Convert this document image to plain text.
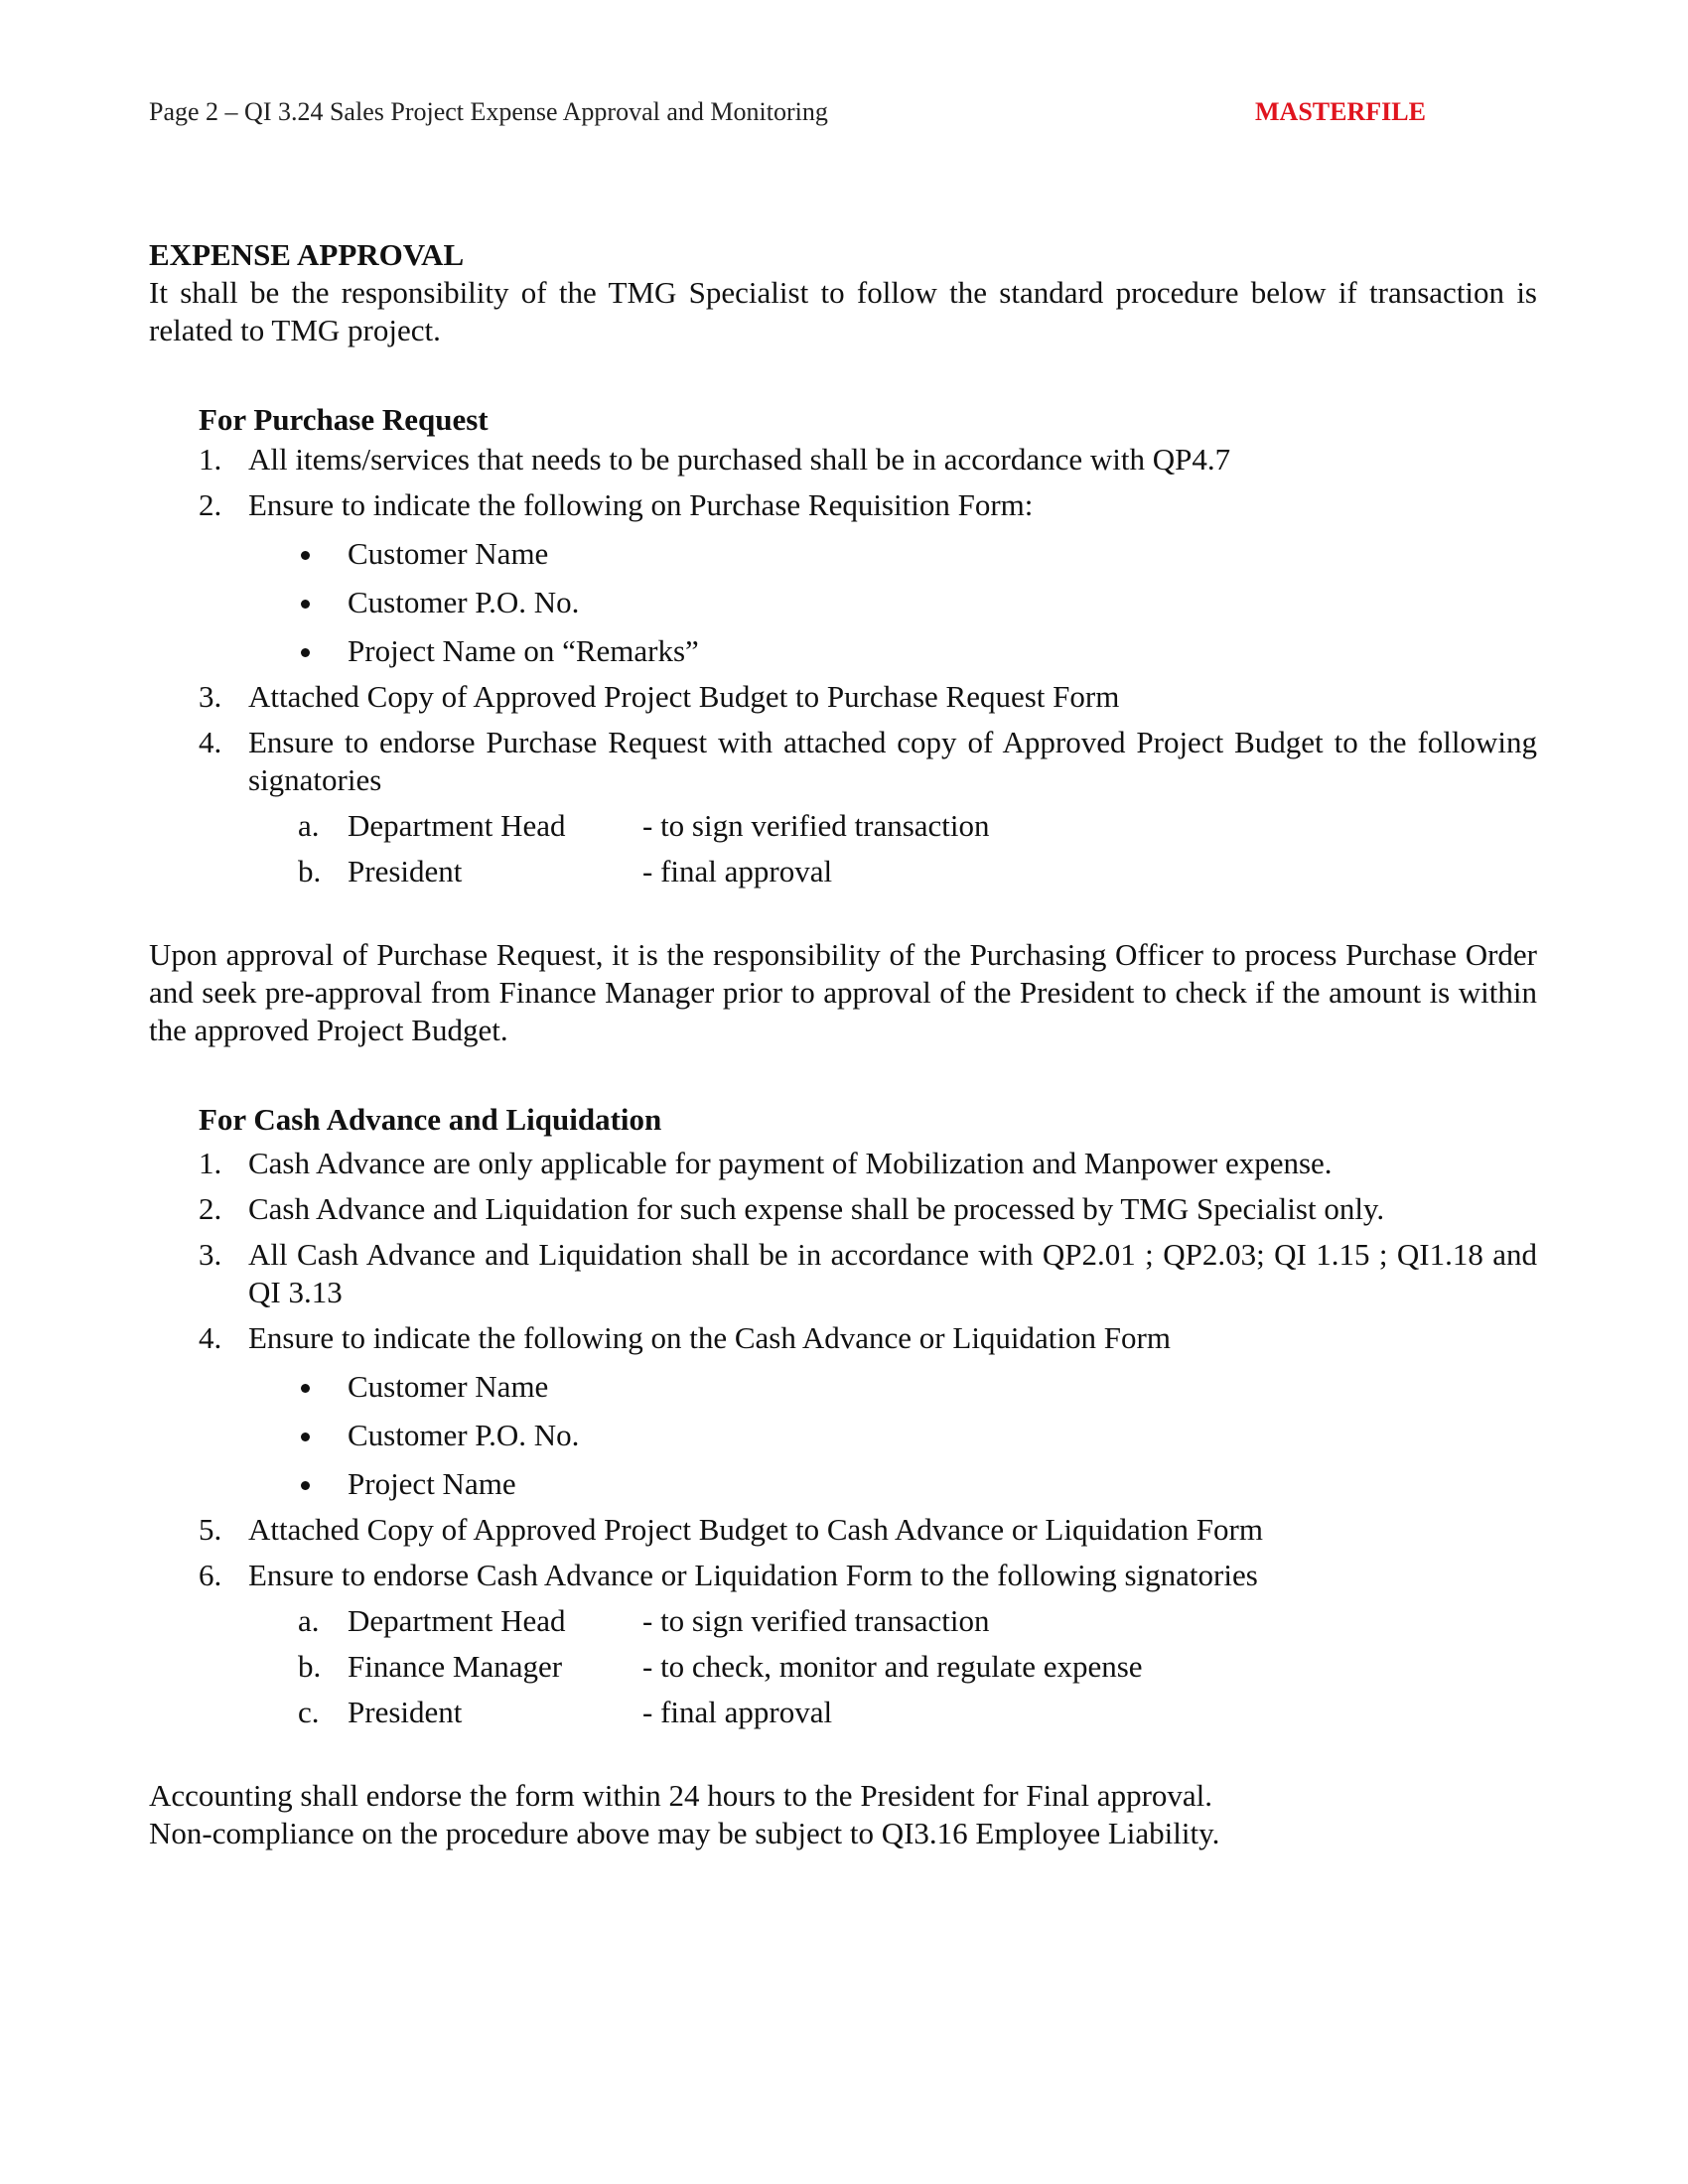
Page 2 – QI 3.24 Sales Project Expense Approval and Monitoring	MASTERFILE

EXPENSE APPROVAL

It shall be the responsibility of the TMG Specialist to follow the standard procedure below if transaction is related to TMG project.

For Purchase Request

1. All items/services that needs to be purchased shall be in accordance with QP4.7
2. Ensure to indicate the following on Purchase Requisition Form:
Customer Name
Customer P.O. No.
Project Name on “Remarks”
3. Attached Copy of Approved Project Budget to Purchase Request Form
4. Ensure to endorse Purchase Request with attached copy of Approved Project Budget to the following signatories
a. Department Head	- to sign verified transaction
b. President	- final approval

Upon approval of Purchase Request, it is the responsibility of the Purchasing Officer to process Purchase Order and seek pre-approval from Finance Manager prior to approval of the President to check if the amount is within the approved Project Budget.

For Cash Advance and Liquidation

1. Cash Advance are only applicable for payment of Mobilization and Manpower expense.
2. Cash Advance and Liquidation for such expense shall be processed by TMG Specialist only.
3. All Cash Advance and Liquidation shall be in accordance with QP2.01 ; QP2.03; QI 1.15 ; QI1.18 and QI 3.13
4. Ensure to indicate the following on the Cash Advance or Liquidation Form
Customer Name
Customer P.O. No.
Project Name
5. Attached Copy of Approved Project Budget to Cash Advance or Liquidation Form
6. Ensure to endorse Cash Advance or Liquidation Form to the following signatories
a. Department Head	- to sign verified transaction
b. Finance Manager	- to check, monitor and regulate expense
c. President	- final approval

Accounting shall endorse the form within 24 hours to the President for Final approval.

Non-compliance on the procedure above may be subject to QI3.16 Employee Liability.
